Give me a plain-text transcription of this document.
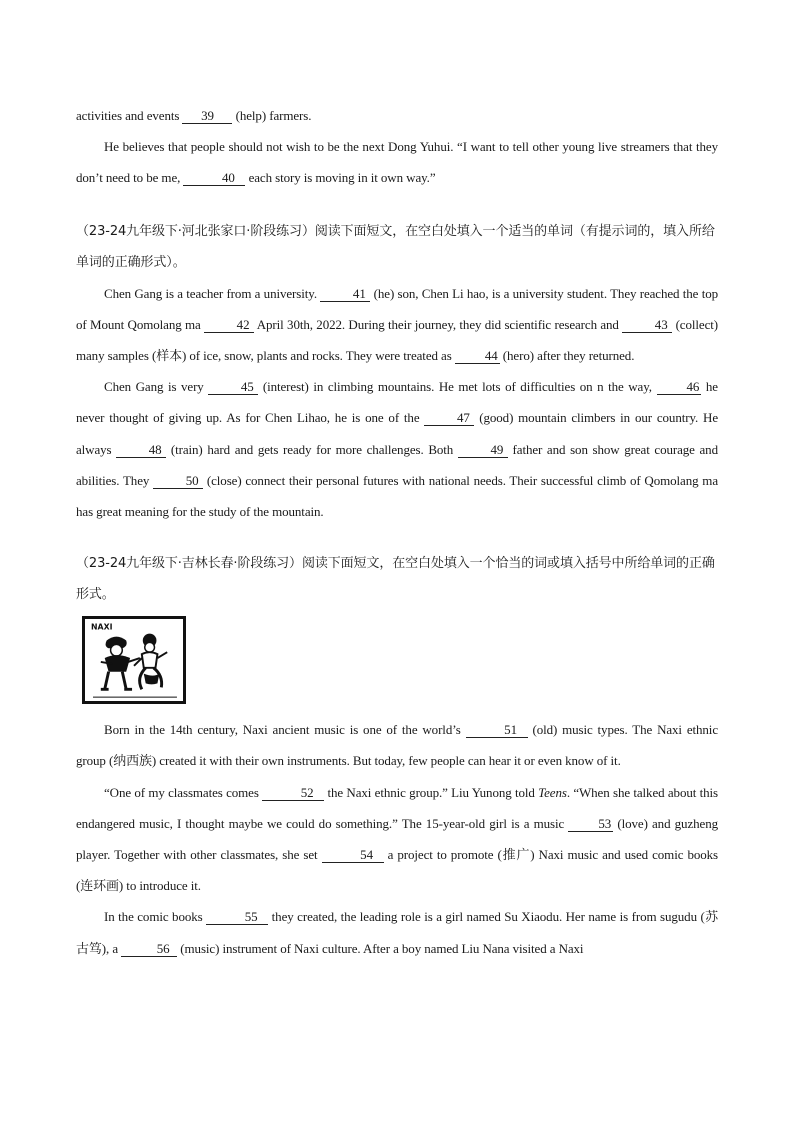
activities and events 39 (help) farmers.

He believes that people should not wish to be the next Dong Yuhui. “I want to tell other young live streamers that they don’t need to be me,	40 each story is moving in it own way.”

（23-24九年级下·河北张家口·阶段练习）阅读下面短文，在空白处填入一个适当的单词（有提示词的，填入所给单词的正确形式）。

Chen Gang is a teacher from a university.	41 (he) son, Chen Li hao, is a university student. They reached the top of Mount Qomolang ma	42 April 30th, 2022. During their journey, they did scientific research and	43 (collect) many samples (样本) of ice, snow, plants and rocks. They were treated as 44 (hero) after they returned.

Chen Gang is very	45 (interest) in climbing mountains. He met lots of difficulties on n the way, 46 he never thought of giving up. As for Chen Lihao, he is one of the	47 (good) mountain climbers in our country. He always	48 (train) hard and gets ready for more challenges. Both	49 father and son show great courage and abilities. They	50 (close) connect their personal futures with national needs. Their successful climb of Qomolang ma has great meaning for the study of the mountain.

（23-24九年级下·吉林长春·阶段练习）阅读下面短文，在空白处填入一个恰当的词或填入括号中所给单词的正确形式。

NAXI

Born in the 14th century, Naxi ancient music is one of the world’s	51 (old) music types. The Naxi ethnic group (纳西族) created it with their own instruments. But today, few people can hear it or even know of it.

“One of my classmates comes	52 the Naxi ethnic group.” Liu Yunong told Teens. “When she talked about this endangered music, I thought maybe we could do something.” The 15-year-old girl is a music 53 (love) and guzheng player. Together with other classmates, she set	54 a project to promote (推广) Naxi music and used comic books (连环画) to introduce it.

In the comic books	55 they created, the leading role is a girl named Su Xiaodu. Her name is from sugudu (苏古笃), a	56 (music) instrument of Naxi culture. After a boy named Liu Nana visited a Naxi
